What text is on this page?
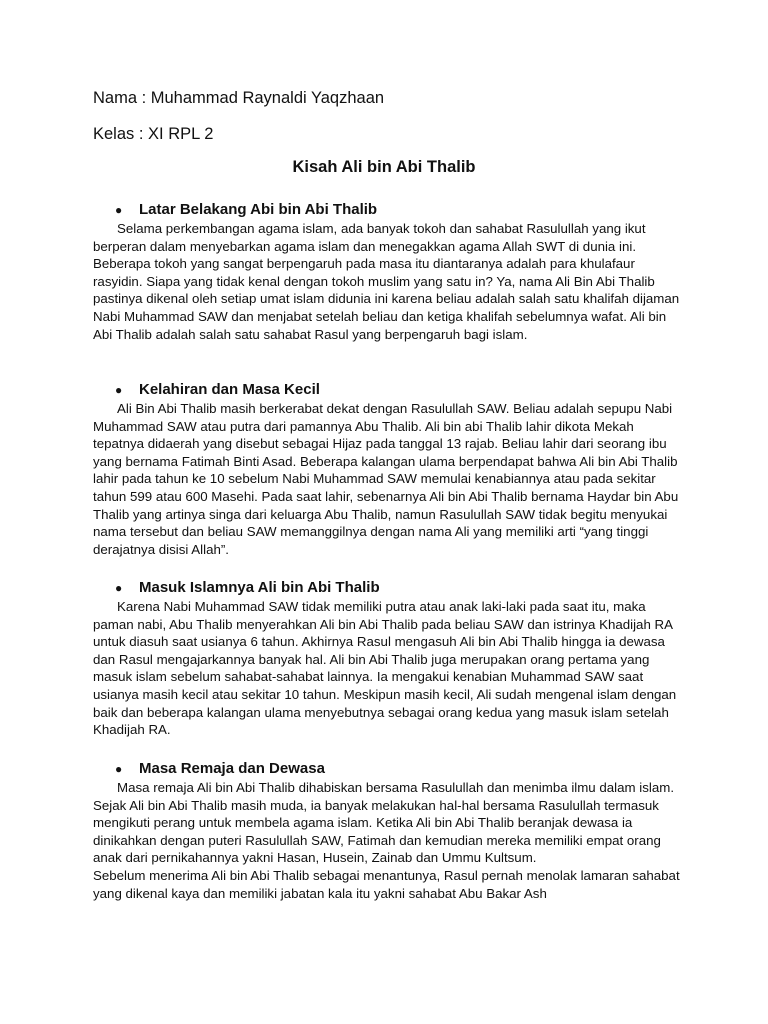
Nama : Muhammad Raynaldi Yaqzhaan
Kelas : XI RPL 2
Kisah Ali bin Abi Thalib
● Latar Belakang Abi bin Abi Thalib

Selama perkembangan agama islam, ada banyak tokoh dan sahabat Rasulullah yang ikut berperan dalam menyebarkan agama islam dan menegakkan agama Allah SWT di dunia ini. Beberapa tokoh yang sangat berpengaruh pada masa itu diantaranya adalah para khulafaur rasyidin. Siapa yang tidak kenal dengan tokoh muslim yang satu in? Ya, nama Ali Bin Abi Thalib pastinya dikenal oleh setiap umat islam didunia ini karena beliau adalah salah satu khalifah dijaman Nabi Muhammad SAW dan menjabat setelah beliau dan ketiga khalifah sebelumnya wafat. Ali bin Abi Thalib adalah salah satu sahabat Rasul yang berpengaruh bagi islam.

● Kelahiran dan Masa Kecil

Ali Bin Abi Thalib masih berkerabat dekat dengan Rasulullah SAW. Beliau adalah sepupu Nabi Muhammad SAW atau putra dari pamannya Abu Thalib. Ali bin abi Thalib lahir dikota Mekah tepatnya didaerah yang disebut sebagai Hijaz pada tanggal 13 rajab. Beliau lahir dari seorang ibu yang bernama Fatimah Binti Asad. Beberapa kalangan ulama berpendapat bahwa Ali bin Abi Thalib lahir pada tahun ke 10 sebelum Nabi Muhammad SAW memulai kenabiannya atau pada sekitar tahun 599 atau 600 Masehi. Pada saat lahir, sebenarnya Ali bin Abi Thalib bernama Haydar bin Abu Thalib yang artinya singa dari keluarga Abu Thalib, namun Rasulullah SAW tidak begitu menyukai nama tersebut dan beliau SAW memanggilnya dengan nama Ali yang memiliki arti “yang tinggi derajatnya disisi Allah”.

● Masuk Islamnya Ali bin Abi Thalib

Karena Nabi Muhammad SAW tidak memiliki putra atau anak laki-laki pada saat itu, maka paman nabi, Abu Thalib menyerahkan Ali bin Abi Thalib pada beliau SAW dan istrinya Khadijah RA untuk diasuh saat usianya 6 tahun. Akhirnya Rasul mengasuh Ali bin Abi Thalib hingga ia dewasa dan Rasul mengajarkannya banyak hal. Ali bin Abi Thalib juga merupakan orang pertama yang masuk islam sebelum sahabat-sahabat lainnya. Ia mengakui kenabian Muhammad SAW saat usianya masih kecil atau sekitar 10 tahun. Meskipun masih kecil, Ali sudah mengenal islam dengan baik dan beberapa kalangan ulama menyebutnya sebagai orang kedua yang masuk islam setelah Khadijah RA.

● Masa Remaja dan Dewasa

Masa remaja Ali bin Abi Thalib dihabiskan bersama Rasulullah dan menimba ilmu dalam islam. Sejak Ali bin Abi Thalib masih muda, ia banyak melakukan hal-hal bersama Rasulullah termasuk mengikuti perang untuk membela agama islam. Ketika Ali bin Abi Thalib beranjak dewasa ia dinikahkan dengan puteri Rasulullah SAW, Fatimah dan kemudian mereka memiliki empat orang anak dari pernikahannya yakni Hasan, Husein, Zainab dan Ummu Kultsum.

Sebelum menerima Ali bin Abi Thalib sebagai menantunya, Rasul pernah menolak lamaran sahabat yang dikenal kaya dan memiliki jabatan kala itu yakni sahabat Abu Bakar Ash
